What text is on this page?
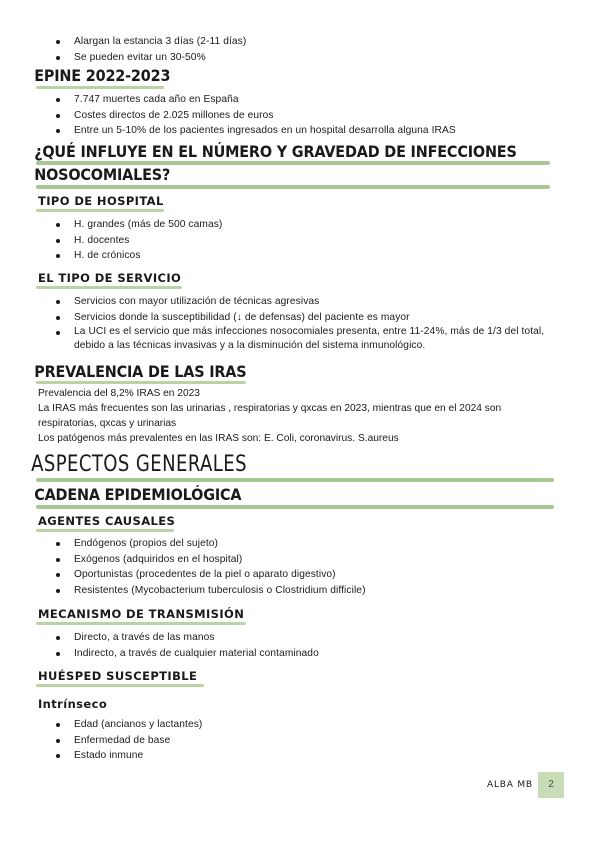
Alargan la estancia 3 días (2-11 días)
Se pueden evitar un 30-50%
EPINE 2022-2023
7.747 muertes cada año en España
Costes directos de 2.025 millones de euros
Entre un 5-10% de los pacientes ingresados en un hospital desarrolla alguna IRAS
¿QUÉ INFLUYE EN EL NÚMERO Y GRAVEDAD DE INFECCIONES
NOSOCOMIALES?
TIPO DE HOSPITAL
H. grandes (más de 500 camas)
H. docentes
H. de crónicos
EL TIPO DE SERVICIO
Servicios con mayor utilización de técnicas agresivas
Servicios donde la susceptibilidad (↓ de defensas) del paciente es mayor
La UCI es el servicio que más infecciones nosocomiales presenta, entre 11-24%, más de 1/3 del total, debido a las técnicas invasivas y a la disminución del sistema inmunológico.
PREVALENCIA DE LAS IRAS
Prevalencia del 8,2% IRAS en 2023
La IRAS más frecuentes son las urinarias , respiratorias y qxcas en 2023, mientras que en el 2024 son respiratorias, qxcas y urinarias
Los patógenos más prevalentes en las IRAS son: E. Coli, coronavirus. S.aureus
ASPECTOS GENERALES
CADENA EPIDEMIOLÓGICA
AGENTES CAUSALES
Endógenos (propios del sujeto)
Exógenos (adquiridos en el hospital)
Oportunistas (procedentes de la piel o aparato digestivo)
Resistentes (Mycobacterium tuberculosis o Clostridium difficile)
MECANISMO DE TRANSMISIÓN
Directo, a través de las manos
Indirecto, a través de cualquier material contaminado
HUÉSPED SUSCEPTIBLE
Intrínseco
Edad (ancianos y lactantes)
Enfermedad de base
Estado inmune
ALBA MB	2
